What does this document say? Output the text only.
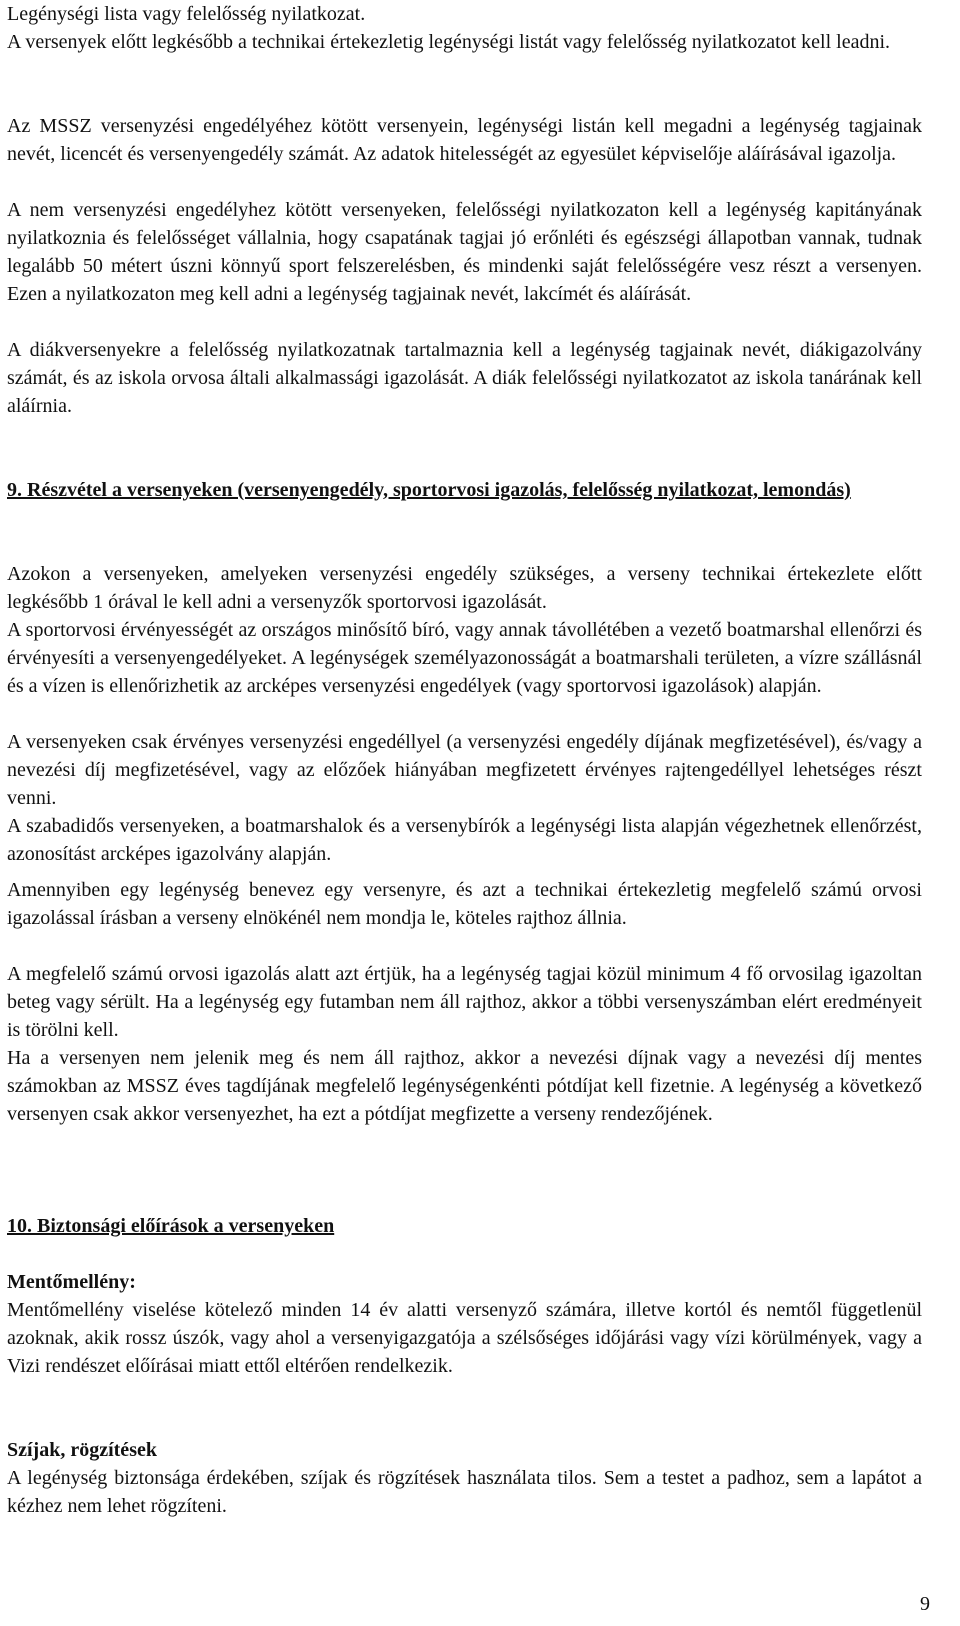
Legénységi lista vagy felelősség nyilatkozat.

A versenyek előtt legkésőbb a technikai értekezletig legénységi listát vagy felelősség nyilatkozatot kell leadni.

Az MSSZ versenyzési engedélyéhez kötött versenyein, legénységi listán kell megadni a legénység tagjainak nevét, licencét és versenyengedély számát. Az adatok hitelességét az egyesület képviselője aláírásával igazolja.

A nem versenyzési engedélyhez kötött versenyeken, felelősségi nyilatkozaton kell a legénység kapitányának nyilatkoznia és felelősséget vállalnia, hogy csapatának tagjai jó erőnléti és egészségi állapotban vannak, tudnak legalább 50 métert úszni könnyű sport felszerelésben, és mindenki saját felelősségére vesz részt a versenyen. Ezen a nyilatkozaton meg kell adni a legénység tagjainak nevét, lakcímét és aláírását.

A diákversenyekre a felelősség nyilatkozatnak tartalmaznia kell a legénység tagjainak nevét, diákigazolvány számát, és az iskola orvosa általi alkalmassági igazolását. A diák felelősségi nyilatkozatot az iskola tanárának kell aláírnia.

9. Részvétel a versenyeken (versenyengedély, sportorvosi igazolás, felelősség nyilatkozat, lemondás)

Azokon a versenyeken, amelyeken versenyzési engedély szükséges, a verseny technikai értekezlete előtt legkésőbb 1 órával le kell adni a versenyzők sportorvosi igazolását.

A sportorvosi érvényességét az országos minősítő bíró, vagy annak távollétében a vezető boatmarshal ellenőrzi és érvényesíti a versenyengedélyeket. A legénységek személyazonosságát a boatmarshali területen, a vízre szállásnál és a vízen is ellenőrizhetik az arcképes versenyzési engedélyek (vagy sportorvosi igazolások) alapján.

A versenyeken csak érvényes versenyzési engedéllyel (a versenyzési engedély díjának megfizetésével), és/vagy a nevezési díj megfizetésével, vagy az előzőek hiányában megfizetett érvényes rajtengedéllyel lehetséges részt venni.

A szabadidős versenyeken, a boatmarshalok és a versenybírók a legénységi lista alapján végezhetnek ellenőrzést, azonosítást arcképes igazolvány alapján.

Amennyiben egy legénység benevez egy versenyre, és azt a technikai értekezletig megfelelő számú orvosi igazolással írásban a verseny elnökénél nem mondja le, köteles rajthoz állnia.

A megfelelő számú orvosi igazolás alatt azt értjük, ha a legénység tagjai közül minimum 4 fő orvosilag igazoltan beteg vagy sérült. Ha a legénység egy futamban nem áll rajthoz, akkor a többi versenyszámban elért eredményeit is törölni kell.

Ha a versenyen nem jelenik meg és nem áll rajthoz, akkor a nevezési díjnak vagy a nevezési díj mentes számokban az MSSZ éves tagdíjának megfelelő legénységenkénti pótdíjat kell fizetnie. A legénység a következő versenyen csak akkor versenyezhet, ha ezt a pótdíjat megfizette a verseny rendezőjének.

10. Biztonsági előírások a versenyeken

Mentőmellény:

Mentőmellény viselése kötelező minden 14 év alatti versenyző számára, illetve kortól és nemtől függetlenül azoknak, akik rossz úszók, vagy ahol a versenyigazgatója a szélsőséges időjárási vagy vízi körülmények, vagy a Vizi rendészet előírásai miatt ettől eltérően rendelkezik.

Szíjak, rögzítések

A legénység biztonsága érdekében, szíjak és rögzítések használata tilos. Sem a testet a padhoz, sem a lapátot a kézhez nem lehet rögzíteni.

9
